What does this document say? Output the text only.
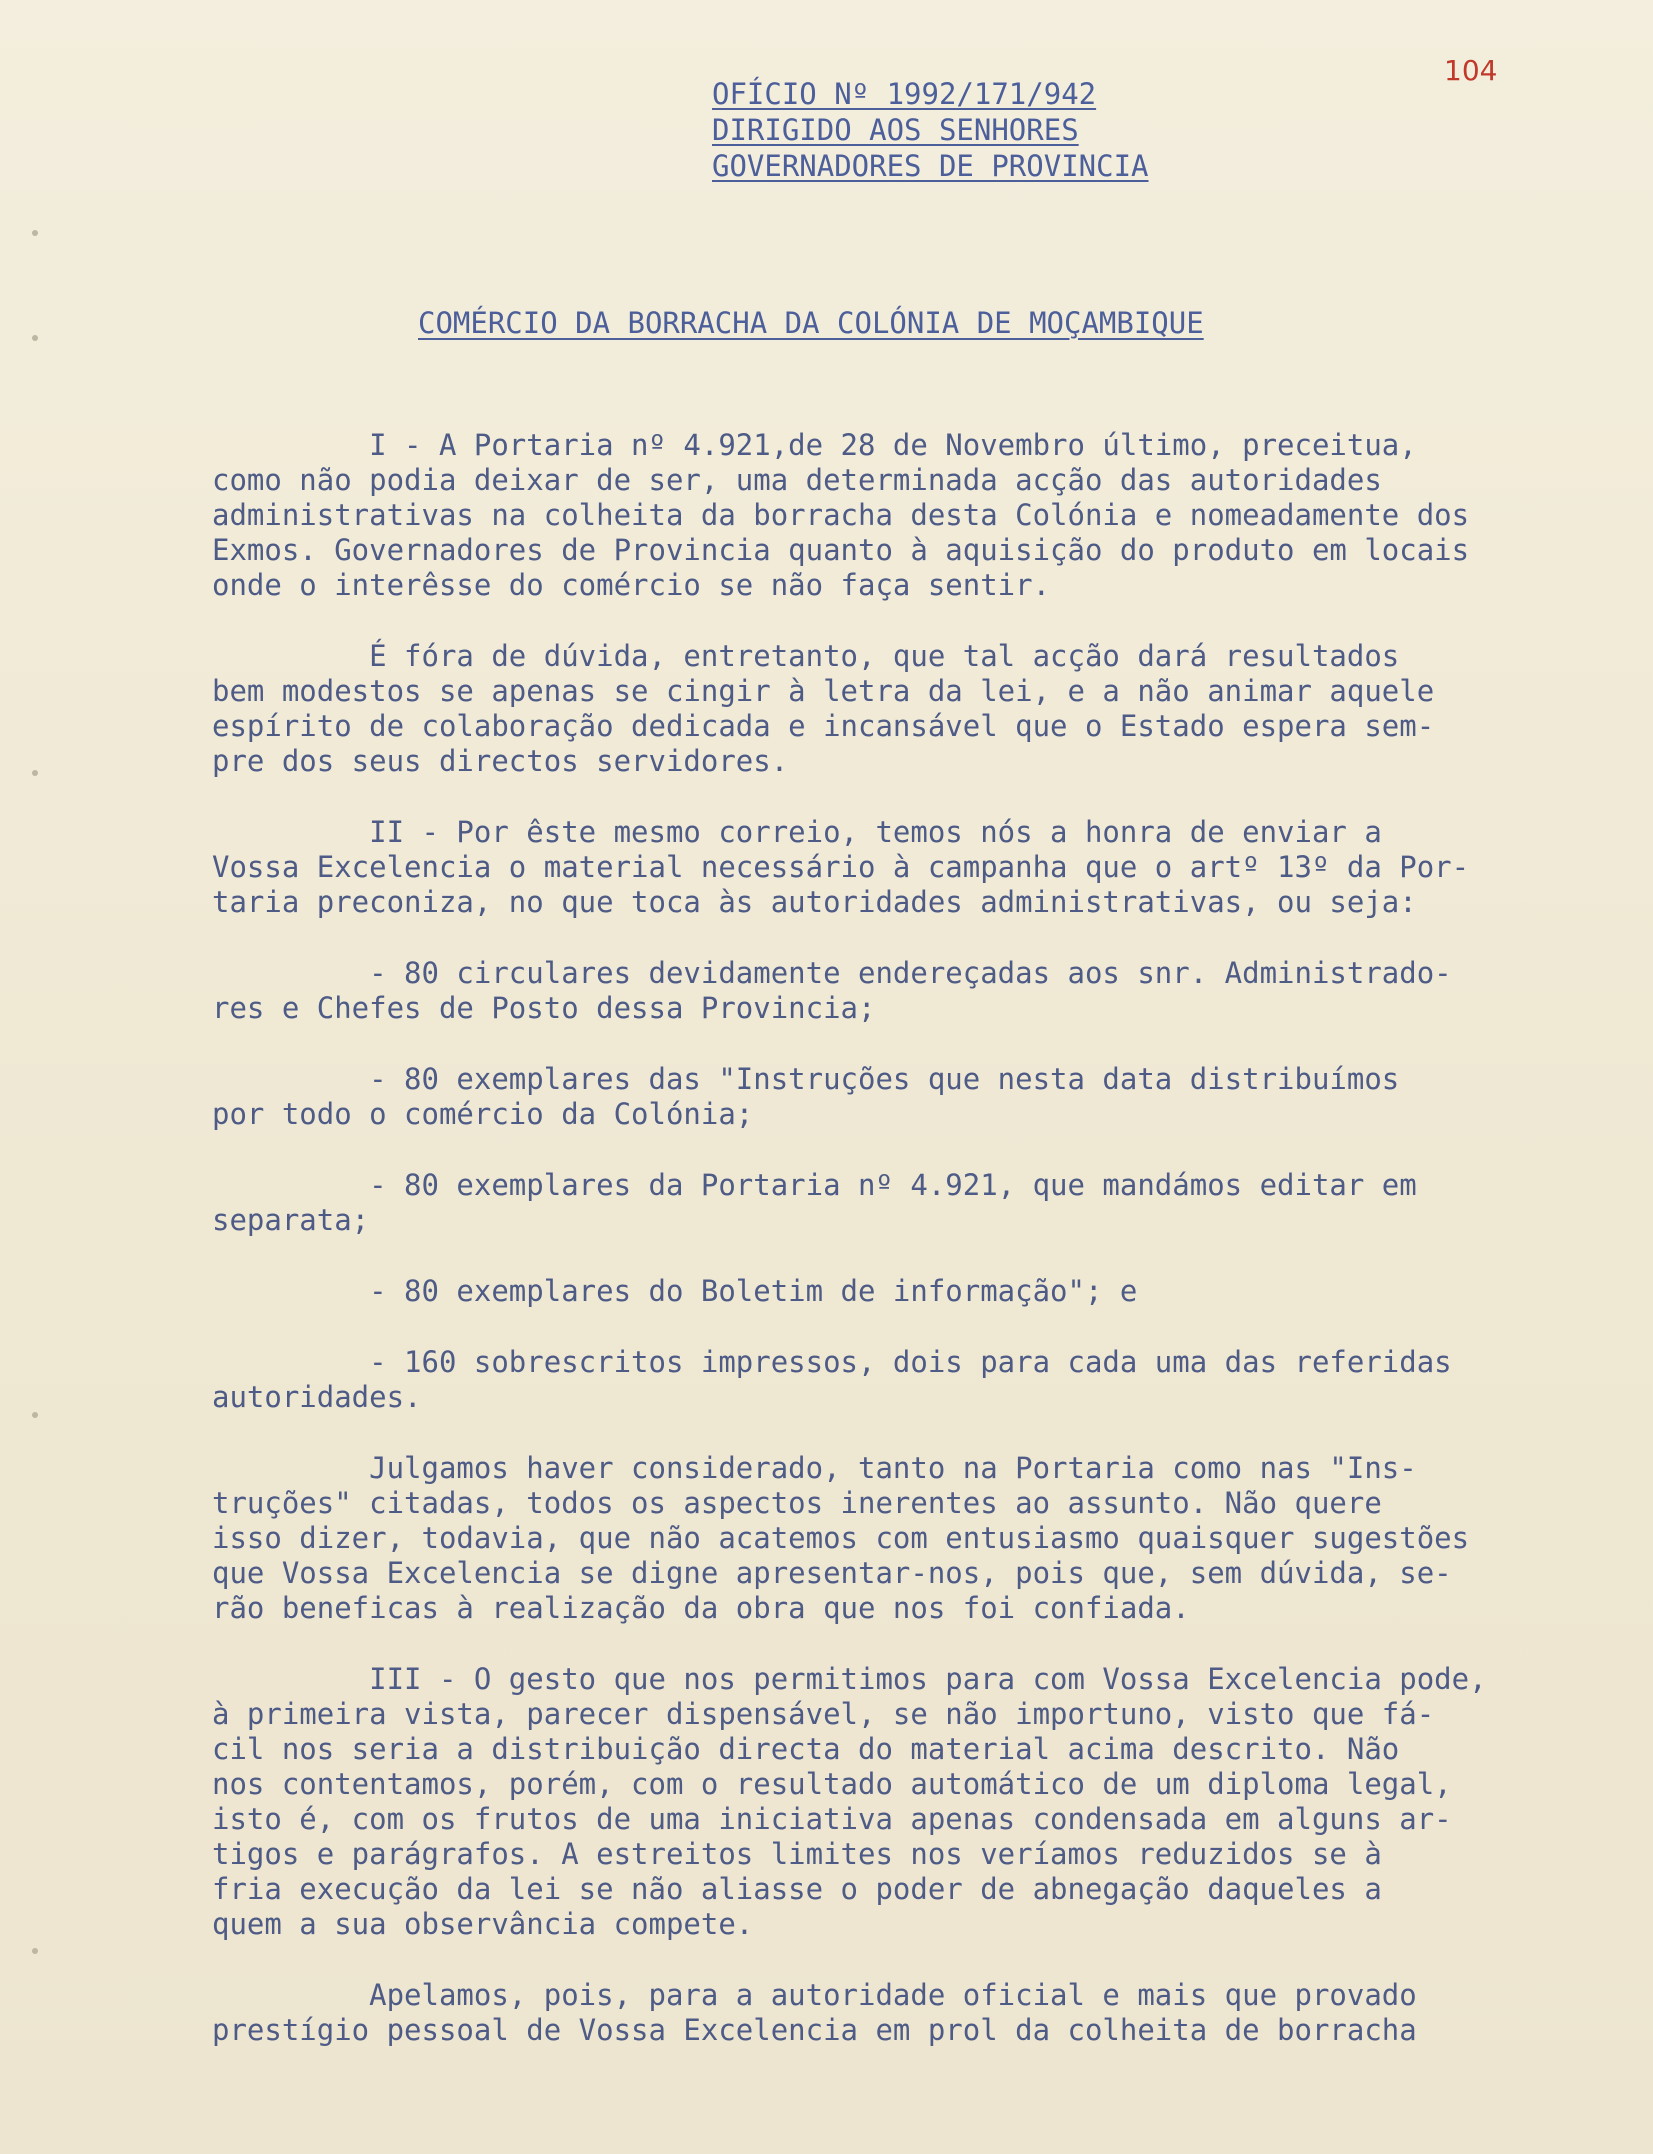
104
OFÍCIO Nº 1992/171/942
DIRIGIDO AOS SENHORES
GOVERNADORES DE PROVINCIA
COMÉRCIO DA BORRACHA DA COLÓNIA DE MOÇAMBIQUE

I - A Portaria nº 4.921,de 28 de Novembro último, preceitua,
como não podia deixar de ser, uma determinada acção das autoridades
administrativas na colheita da borracha desta Colónia e nomeadamente dos
Exmos. Governadores de Provincia quanto à aquisição do produto em locais
onde o interêsse do comércio se não faça sentir.

É fóra de dúvida, entretanto, que tal acção dará resultados
bem modestos se apenas se cingir à letra da lei, e a não animar aquele
espírito de colaboração dedicada e incansável que o Estado espera sem-
pre dos seus directos servidores.

II - Por êste mesmo correio, temos nós a honra de enviar a
Vossa Excelencia o material necessário à campanha que o artº 13º da Por-
taria preconiza, no que toca às autoridades administrativas, ou seja:

- 80 circulares devidamente endereçadas aos snr. Administrado-
res e Chefes de Posto dessa Provincia;

- 80 exemplares das "Instruções que nesta data distribuímos
por todo o comércio da Colónia;

- 80 exemplares da Portaria nº 4.921, que mandámos editar em
separata;

- 80 exemplares do Boletim de informação"; e

- 160 sobrescritos impressos, dois para cada uma das referidas
autoridades.

Julgamos haver considerado, tanto na Portaria como nas "Ins-
truções" citadas, todos os aspectos inerentes ao assunto. Não quere
isso dizer, todavia, que não acatemos com entusiasmo quaisquer sugestões
que Vossa Excelencia se digne apresentar-nos, pois que, sem dúvida, se-
rão beneficas à realização da obra que nos foi confiada.

III - O gesto que nos permitimos para com Vossa Excelencia pode,
à primeira vista, parecer dispensável, se não importuno, visto que fá-
cil nos seria a distribuição directa do material acima descrito. Não
nos contentamos, porém, com o resultado automático de um diploma legal,
isto é, com os frutos de uma iniciativa apenas condensada em alguns ar-
tigos e parágrafos. A estreitos limites nos veríamos reduzidos se à
fria execução da lei se não aliasse o poder de abnegação daqueles a
quem a sua observância compete.

Apelamos, pois, para a autoridade oficial e mais que provado
prestígio pessoal de Vossa Excelencia em prol da colheita de borracha
